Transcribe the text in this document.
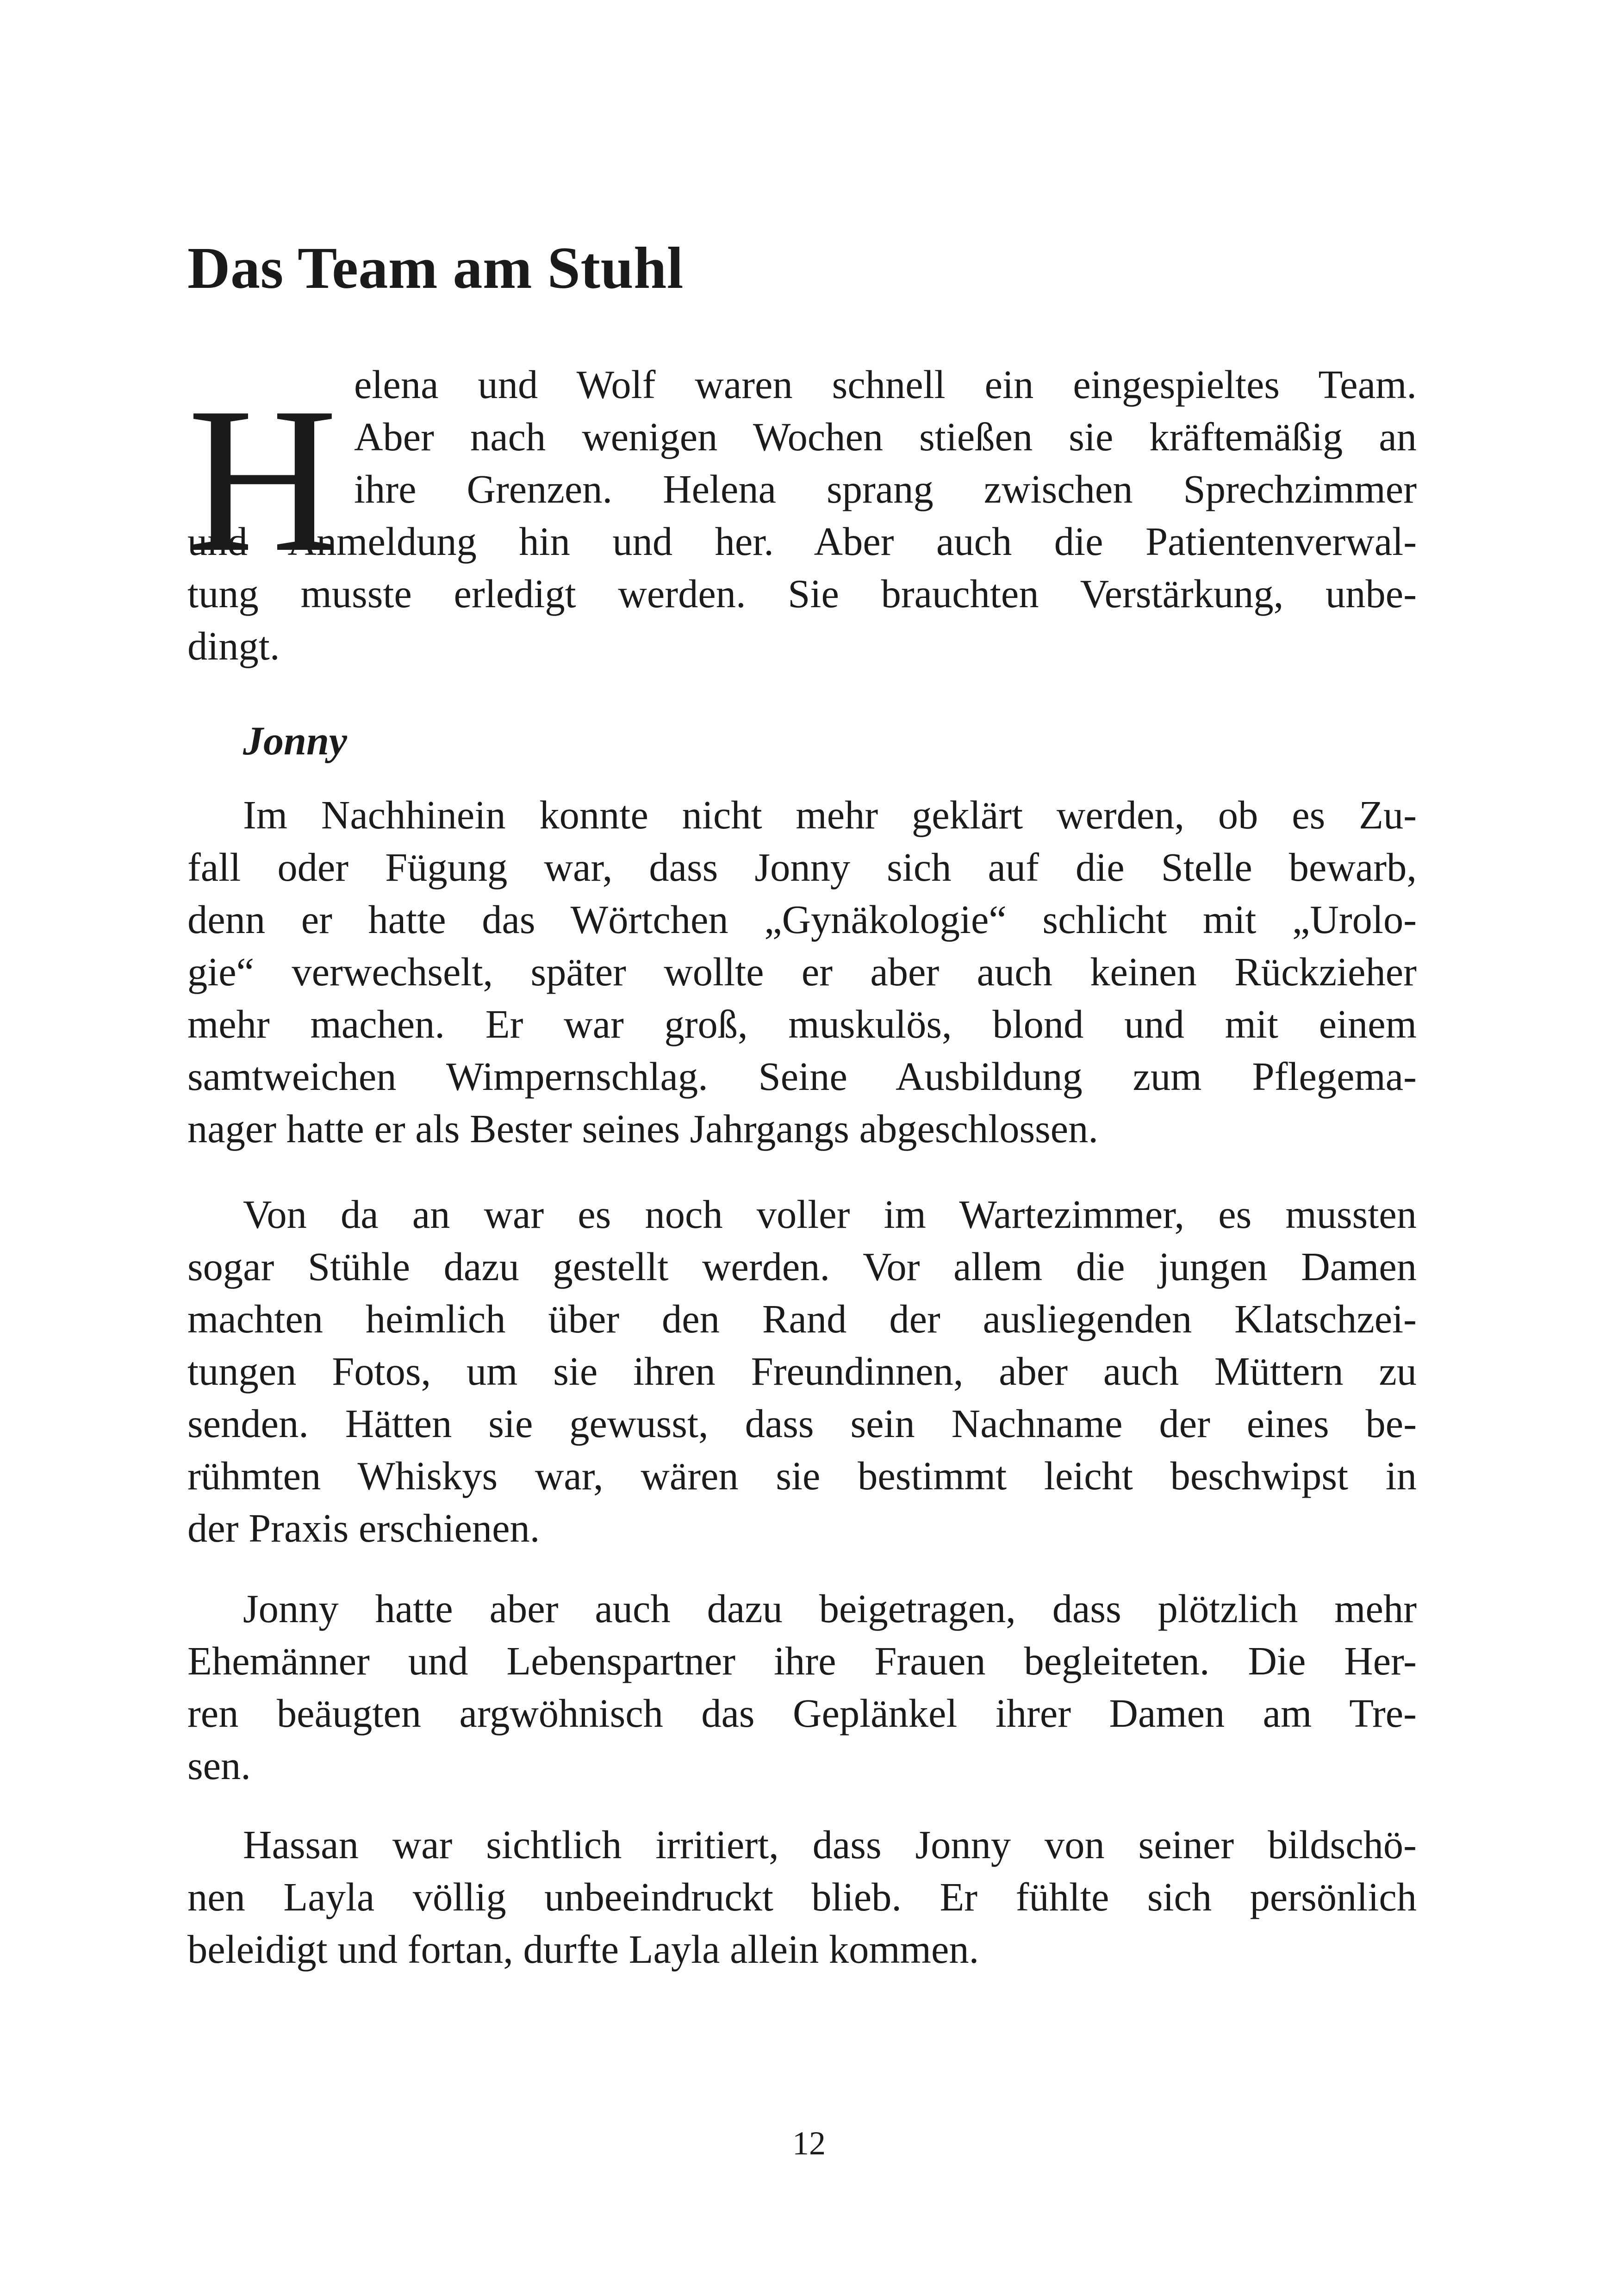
Das Team am Stuhl
H elena und Wolf waren schnell ein eingespieltes Team.
Aber nach wenigen Wochen stießen sie kräftemäßig an
ihre Grenzen. Helena sprang zwischen Sprechzimmer
und Anmeldung hin und her. Aber auch die Patientenverwal-
tung musste erledigt werden. Sie brauchten Verstärkung, unbe-
dingt.
Jonny
Im Nachhinein konnte nicht mehr geklärt werden, ob es Zu-
fall oder Fügung war, dass Jonny sich auf die Stelle bewarb,
denn er hatte das Wörtchen „Gynäkologie“ schlicht mit „Urolo-
gie“ verwechselt, später wollte er aber auch keinen Rückzieher
mehr machen. Er war groß, muskulös, blond und mit einem
samtweichen Wimpernschlag. Seine Ausbildung zum Pflegema-
nager hatte er als Bester seines Jahrgangs abgeschlossen.
Von da an war es noch voller im Wartezimmer, es mussten
sogar Stühle dazu gestellt werden. Vor allem die jungen Damen
machten heimlich über den Rand der ausliegenden Klatschzei-
tungen Fotos, um sie ihren Freundinnen, aber auch Müttern zu
senden. Hätten sie gewusst, dass sein Nachname der eines be-
rühmten Whiskys war, wären sie bestimmt leicht beschwipst in
der Praxis erschienen.
Jonny hatte aber auch dazu beigetragen, dass plötzlich mehr
Ehemänner und Lebenspartner ihre Frauen begleiteten. Die Her-
ren beäugten argwöhnisch das Geplänkel ihrer Damen am Tre-
sen.
Hassan war sichtlich irritiert, dass Jonny von seiner bildschö-
nen Layla völlig unbeeindruckt blieb. Er fühlte sich persönlich
beleidigt und fortan, durfte Layla allein kommen.
12
